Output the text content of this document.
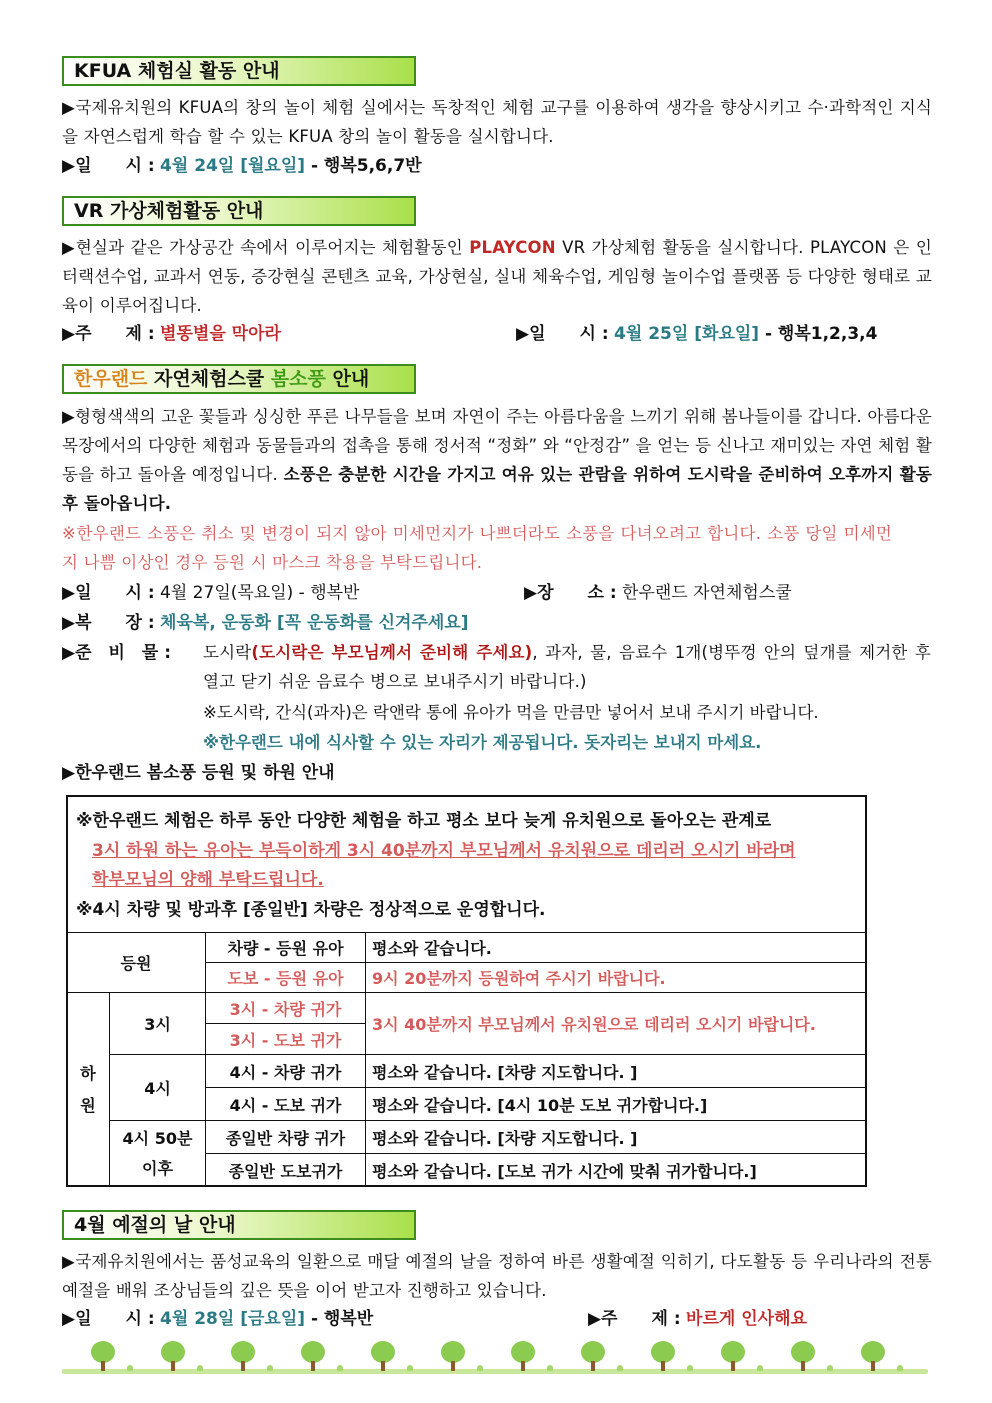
KFUA 체험실 활동 안내
▶국제유치원의 KFUA의 창의 놀이 체험 실에서는 독창적인 체험 교구를 이용하여 생각을 향상시키고 수·과학적인 지식을 자연스럽게 학습 할 수 있는 KFUA 창의 놀이 활동을 실시합니다.
▶일　　시 : 4월 24일 [월요일] - 행복5,6,7반
VR 가상체험활동 안내
▶현실과 같은 가상공간 속에서 이루어지는 체험활동인 PLAYCON VR 가상체험 활동을 실시합니다. PLAYCON 은 인터랙션수업, 교과서 연동, 증강현실 콘텐츠 교육, 가상현실, 실내 체육수업, 게임형 놀이수업 플랫폼 등 다양한 형태로 교육이 이루어집니다.
▶주　　제 : 별똥별을 막아라	▶일　　시 : 4월 25일 [화요일] - 행복1,2,3,4
한우랜드 자연체험스쿨 봄소풍 안내
▶형형색색의 고운 꽃들과 싱싱한 푸른 나무들을 보며 자연이 주는 아름다움을 느끼기 위해 봄나들이를 갑니다. 아름다운 목장에서의 다양한 체험과 동물들과의 접촉을 통해 정서적 “정화” 와 “안정감” 을 얻는 등 신나고 재미있는 자연 체험 활동을 하고 돌아올 예정입니다. 소풍은 충분한 시간을 가지고 여유 있는 관람을 위하여 도시락을 준비하여 오후까지 활동 후 돌아옵니다.
※한우랜드 소풍은 취소 및 변경이 되지 않아 미세먼지가 나쁘더라도 소풍을 다녀오려고 합니다. 소풍 당일 미세먼지 나쁨 이상인 경우 등원 시 마스크 착용을 부탁드립니다.
▶일　　시 : 4월 27일(목요일) - 행복반	▶장　　소 : 한우랜드 자연체험스쿨
▶복　　장 : 체육복, 운동화 [꼭 운동화를 신겨주세요]
▶준　비　물 : 도시락(도시락은 부모님께서 준비해 주세요), 과자, 물, 음료수 1개(병뚜껑 안의 덮개를 제거한 후 열고 닫기 쉬운 음료수 병으로 보내주시기 바랍니다.)
※도시락, 간식(과자)은 락앤락 통에 유아가 먹을 만큼만 넣어서 보내 주시기 바랍니다.
※한우랜드 내에 식사할 수 있는 자리가 제공됩니다. 돗자리는 보내지 마세요.
▶한우랜드 봄소풍 등원 및 하원 안내
※한우랜드 체험은 하루 동안 다양한 체험을 하고 평소 보다 늦게 유치원으로 돌아오는 관계로
3시 하원 하는 유아는 부득이하게 3시 40분까지 부모님께서 유치원으로 데리러 오시기 바라며
학부모님의 양해 부탁드립니다.
※4시 차량 및 방과후 [종일반] 차량은 정상적으로 운영합니다.
등원		차량 - 등원 유아	평소와 같습니다.
		도보 - 등원 유아	9시 20분까지 등원하여 주시기 바랍니다.
하
원	3시	3시 - 차량 귀가	3시 40분까지 부모님께서 유치원으로 데리러 오시기 바랍니다.
		3시 - 도보 귀가	
	4시	4시 - 차량 귀가	평소와 같습니다. [차량 지도합니다. ]
		4시 - 도보 귀가	평소와 같습니다. [4시 10분 도보 귀가합니다.]
	4시 50분
이후	종일반 차량 귀가	평소와 같습니다. [차량 지도합니다. ]
		종일반 도보귀가	평소와 같습니다. [도보 귀가 시간에 맞춰 귀가합니다.]
4월 예절의 날 안내
▶국제유치원에서는 품성교육의 일환으로 매달 예절의 날을 정하여 바른 생활예절 익히기, 다도활동 등 우리나라의 전통 예절을 배워 조상님들의 깊은 뜻을 이어 받고자 진행하고 있습니다.
▶일　　시 : 4월 28일 [금요일] - 행복반	▶주　　제 : 바르게 인사해요
